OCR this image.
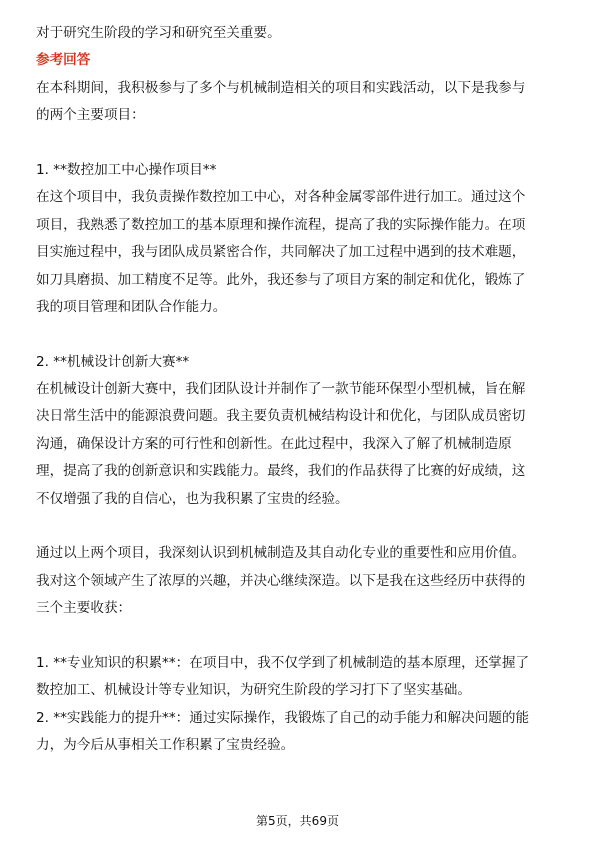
对于研究生阶段的学习和研究至关重要。
参考回答
在本科期间，我积极参与了多个与机械制造相关的项目和实践活动，以下是我参与
的两个主要项目：
1. **数控加工中心操作项目**
在这个项目中，我负责操作数控加工中心，对各种金属零部件进行加工。通过这个
项目，我熟悉了数控加工的基本原理和操作流程，提高了我的实际操作能力。在项
目实施过程中，我与团队成员紧密合作，共同解决了加工过程中遇到的技术难题，
如刀具磨损、加工精度不足等。此外，我还参与了项目方案的制定和优化，锻炼了
我的项目管理和团队合作能力。
2. **机械设计创新大赛**
在机械设计创新大赛中，我们团队设计并制作了一款节能环保型小型机械，旨在解
决日常生活中的能源浪费问题。我主要负责机械结构设计和优化，与团队成员密切
沟通，确保设计方案的可行性和创新性。在此过程中，我深入了解了机械制造原
理，提高了我的创新意识和实践能力。最终，我们的作品获得了比赛的好成绩，这
不仅增强了我的自信心，也为我积累了宝贵的经验。
通过以上两个项目，我深刻认识到机械制造及其自动化专业的重要性和应用价值。
我对这个领域产生了浓厚的兴趣，并决心继续深造。以下是我在这些经历中获得的
三个主要收获：
1. **专业知识的积累**：在项目中，我不仅学到了机械制造的基本原理，还掌握了
数控加工、机械设计等专业知识，为研究生阶段的学习打下了坚实基础。
2. **实践能力的提升**：通过实际操作，我锻炼了自己的动手能力和解决问题的能
力，为今后从事相关工作积累了宝贵经验。
第5页，共69页
